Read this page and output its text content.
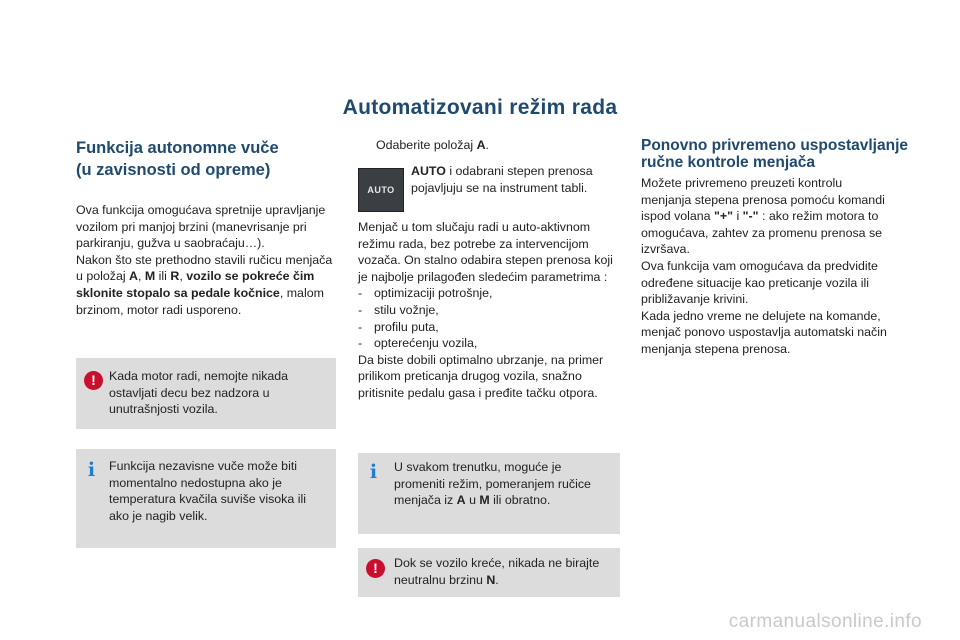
Automatizovani režim rada
Funkcija autonomne vuče
(u zavisnosti od opreme)
Ova funkcija omogućava spretnije upravljanje
vozilom pri manjoj brzini (manevrisanje pri
parkiranju, gužva u saobraćaju…).
Nakon što ste prethodno stavili ručicu menjača
u položaj A, M ili R, vozilo se pokreće čim
sklonite stopalo sa pedale kočnice, malom
brzinom, motor radi usporeno.
!	Kada motor radi, nemojte nikada
ostavljati decu bez nadzora u
unutrašnjosti vozila.
i	Funkcija nezavisne vuče može biti
momentalno nedostupna ako je
temperatura kvačila suviše visoka ili
ako je nagib velik.
Odaberite položaj A.
AUTO
AUTO i odabrani stepen prenosa
pojavljuju se na instrument tabli.
Menjač u tom slučaju radi u auto-aktivnom
režimu rada, bez potrebe za intervencijom
vozača. On stalno odabira stepen prenosa koji
je najbolje prilagođen sledećim parametrima :
- optimizaciji potrošnje,
- stilu vožnje,
- profilu puta,
- opterećenju vozila,
Da biste dobili optimalno ubrzanje, na primer
prilikom preticanja drugog vozila, snažno
pritisnite pedalu gasa i pređite tačku otpora.
i	U svakom trenutku, moguće je
promeniti režim, pomeranjem ručice
menjača iz A u M ili obratno.
!	Dok se vozilo kreće, nikada ne birajte
neutralnu brzinu N.
Ponovno privremeno uspostavljanje
ručne kontrole menjača
Možete privremeno preuzeti kontrolu
menjanja stepena prenosa pomoću komandi
ispod volana "+" i "-" : ako režim motora to
omogućava, zahtev za promenu prenosa se
izvršava.
Ova funkcija vam omogućava da predvidite
određene situacije kao preticanje vozila ili
približavanje krivini.
Kada jedno vreme ne delujete na komande,
menjač ponovo uspostavlja automatski način
menjanja stepena prenosa.
carmanualsonline.info
